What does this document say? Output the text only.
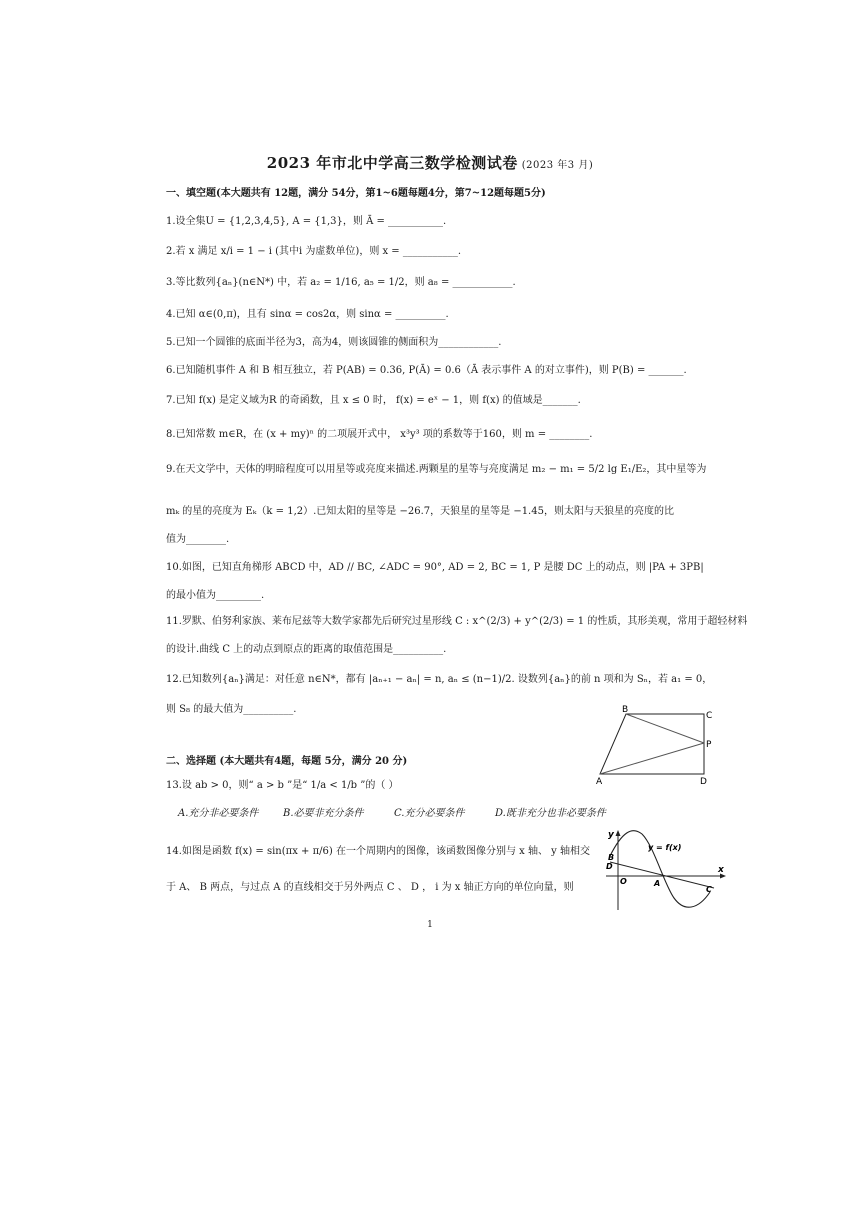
2023 年市北中学高三数学检测试卷 (2023 年3 月)
一、填空题(本大题共有 12题，满分 54分，第1~6题每题4分，第7~12题每题5分)
1.设全集U = {1,2,3,4,5}, A = {1,3}，则 Ā = ___________.
2.若 x 满足 x/i = 1 − i (其中i 为虚数单位)，则 x = ___________.
3.等比数列{aₙ}(n∈N*) 中，若 a₂ = 1/16, a₅ = 1/2，则 a₈ = ____________.
4.已知 α∈(0,π)，且有 sinα = cos2α，则 sinα = __________.
5.已知一个圆锥的底面半径为3，高为4，则该圆锥的侧面积为____________.
6.已知随机事件 A 和 B 相互独立，若 P(AB) = 0.36, P(Ā) = 0.6（Ā 表示事件 A 的对立事件)，则 P(B) = _______.
7.已知 f(x) 是定义域为R 的奇函数，且 x ≤ 0 时， f(x) = eˣ − 1，则 f(x) 的值域是_______.
8.已知常数 m∈R，在 (x + my)ⁿ 的二项展开式中， x³y³ 项的系数等于160，则 m = ________.
9.在天文学中，天体的明暗程度可以用星等或亮度来描述.两颗星的星等与亮度满足 m₂ − m₁ = 5/2 lg E₁/E₂，其中星等为
mₖ 的星的亮度为 Eₖ（k = 1,2）.已知太阳的星等是 −26.7，天狼星的星等是 −1.45，则太阳与天狼星的亮度的比
值为________.
10.如图，已知直角梯形 ABCD 中，AD // BC, ∠ADC = 90°, AD = 2, BC = 1, P 是腰 DC 上的动点，则 |PA + 3PB|
的最小值为_________.
11.罗默、伯努利家族、莱布尼兹等大数学家都先后研究过星形线 C : x^(2/3) + y^(2/3) = 1 的性质，其形美观，常用于超轻材料
的设计.曲线 C 上的动点到原点的距离的取值范围是__________.
12.已知数列{aₙ}满足：对任意 n∈N*，都有 |aₙ₊₁ − aₙ| = n, aₙ ≤ (n−1)/2. 设数列{aₙ}的前 n 项和为 Sₙ，若 a₁ = 0，
则 S₈ 的最大值为__________.	B
C
P
A	D
二、选择题 (本大题共有4题，每题 5分，满分 20 分)
13.设 ab > 0，则“ a > b ”是“ 1/a < 1/b ”的（ ）
A.充分非必要条件 B.必要非充分条件	C.充分必要条件	D.既非充分也非必要条件
14.如图是函数 f(x) = sin(πx + π/6) 在一个周期内的图像，该函数图像分别与 x 轴、 y 轴相交
于 A、 B 两点，与过点 A 的直线相交于另外两点 C 、 D ， i 为 x 轴正方向的单位向量，则
y
y = f(x)
B
D
O	A
C
x
1
